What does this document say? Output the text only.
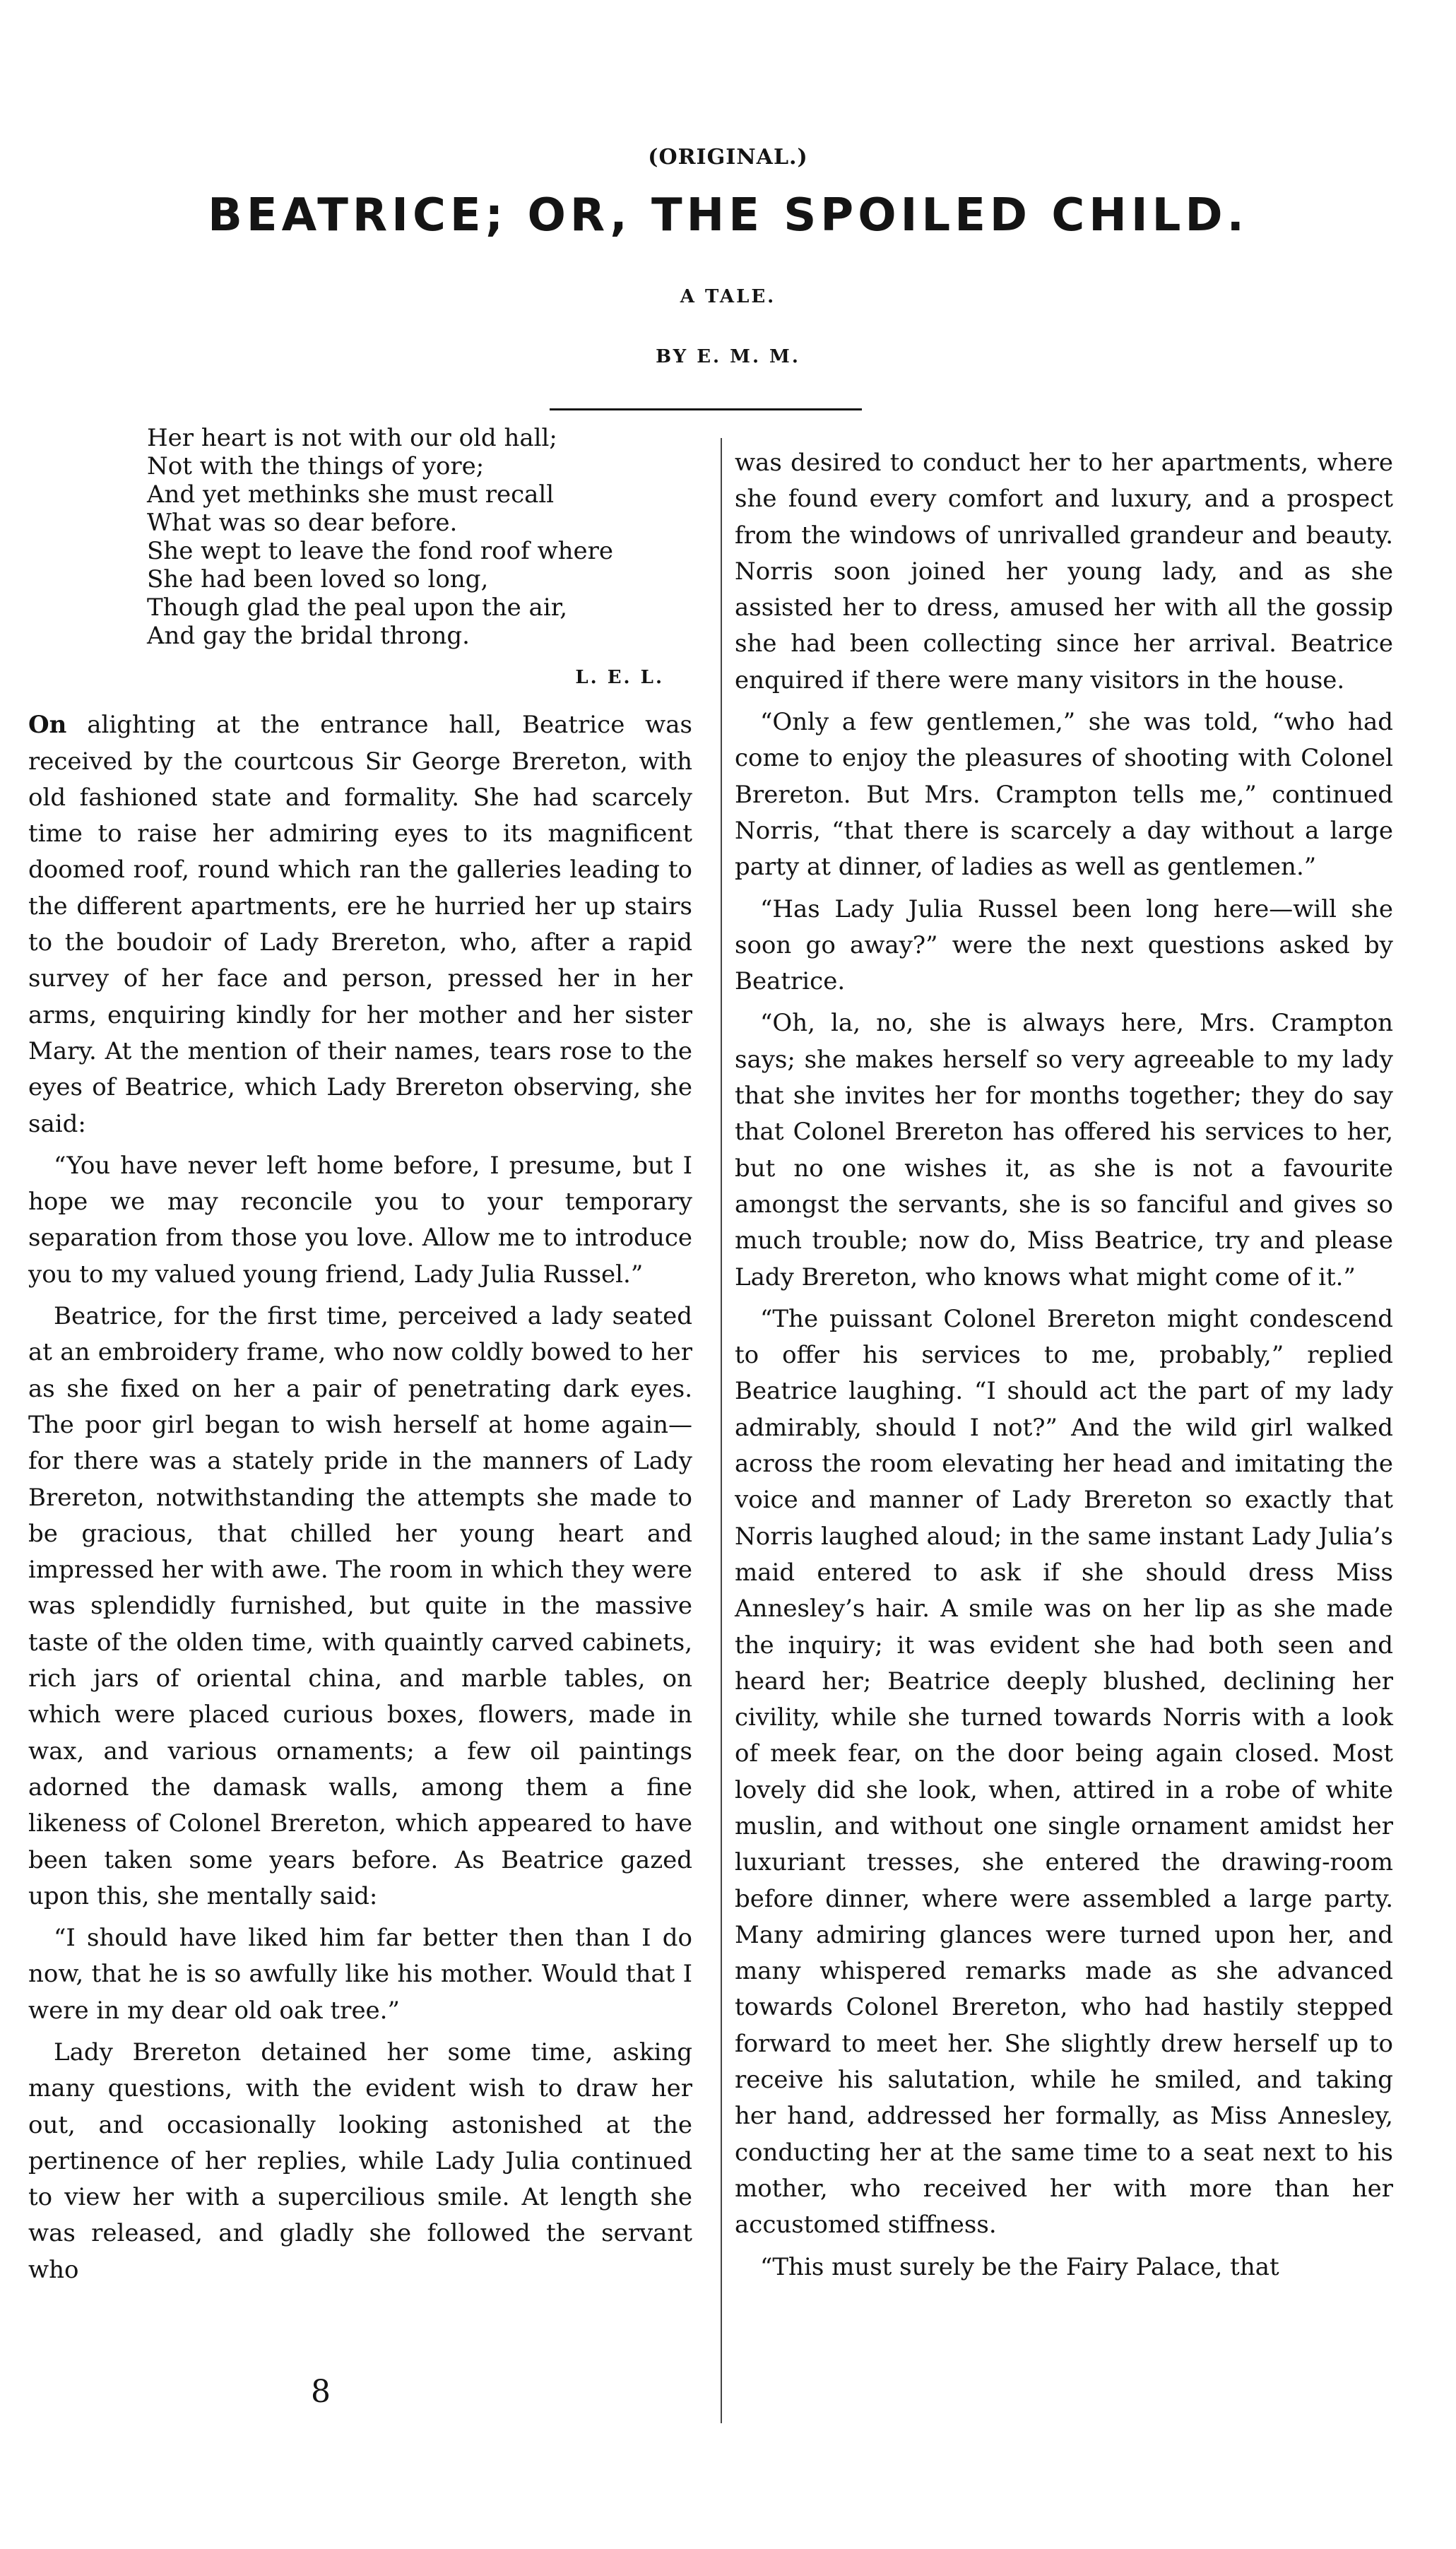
(ORIGINAL.)
BEATRICE; OR, THE SPOILED CHILD.
A TALE.
BY E. M. M.
Her heart is not with our old hall;
Not with the things of yore;
And yet methinks she must recall
What was so dear before.
She wept to leave the fond roof where
She had been loved so long,
Though glad the peal upon the air,
And gay the bridal throng.
L. E. L.

On alighting at the entrance hall, Beatrice was received by the courtcous Sir George Brereton, with old fashioned state and formality. She had scarcely time to raise her admiring eyes to its magnificent doomed roof, round which ran the galleries leading to the different apartments, ere he hurried her up stairs to the boudoir of Lady Brereton, who, after a rapid survey of her face and person, pressed her in her arms, enquiring kindly for her mother and her sister Mary. At the mention of their names, tears rose to the eyes of Beatrice, which Lady Brereton observing, she said:

“You have never left home before, I presume, but I hope we may reconcile you to your temporary separation from those you love. Allow me to introduce you to my valued young friend, Lady Julia Russel.”

Beatrice, for the first time, perceived a lady seated at an embroidery frame, who now coldly bowed to her as she fixed on her a pair of penetrating dark eyes. The poor girl began to wish herself at home again—for there was a stately pride in the manners of Lady Brereton, notwithstanding the attempts she made to be gracious, that chilled her young heart and impressed her with awe. The room in which they were was splendidly furnished, but quite in the massive taste of the olden time, with quaintly carved cabinets, rich jars of oriental china, and marble tables, on which were placed curious boxes, flowers, made in wax, and various ornaments; a few oil paintings adorned the damask walls, among them a fine likeness of Colonel Brereton, which appeared to have been taken some years before. As Beatrice gazed upon this, she mentally said:

“I should have liked him far better then than I do now, that he is so awfully like his mother. Would that I were in my dear old oak tree.”

Lady Brereton detained her some time, asking many questions, with the evident wish to draw her out, and occasionally looking astonished at the pertinence of her replies, while Lady Julia continued to view her with a supercilious smile. At length she was released, and gladly she followed the servant who

was desired to conduct her to her apartments, where she found every comfort and luxury, and a prospect from the windows of unrivalled grandeur and beauty. Norris soon joined her young lady, and as she assisted her to dress, amused her with all the gossip she had been collecting since her arrival. Beatrice enquired if there were many visitors in the house.

“Only a few gentlemen,” she was told, “who had come to enjoy the pleasures of shooting with Colonel Brereton. But Mrs. Crampton tells me,” continued Norris, “that there is scarcely a day without a large party at dinner, of ladies as well as gentlemen.”

“Has Lady Julia Russel been long here—will she soon go away?” were the next questions asked by Beatrice.

“Oh, la, no, she is always here, Mrs. Crampton says; she makes herself so very agreeable to my lady that she invites her for months together; they do say that Colonel Brereton has offered his services to her, but no one wishes it, as she is not a favourite amongst the servants, she is so fanciful and gives so much trouble; now do, Miss Beatrice, try and please Lady Brereton, who knows what might come of it.”

“The puissant Colonel Brereton might condescend to offer his services to me, probably,” replied Beatrice laughing. “I should act the part of my lady admirably, should I not?” And the wild girl walked across the room elevating her head and imitating the voice and manner of Lady Brereton so exactly that Norris laughed aloud; in the same instant Lady Julia’s maid entered to ask if she should dress Miss Annesley’s hair. A smile was on her lip as she made the inquiry; it was evident she had both seen and heard her; Beatrice deeply blushed, declining her civility, while she turned towards Norris with a look of meek fear, on the door being again closed. Most lovely did she look, when, attired in a robe of white muslin, and without one single ornament amidst her luxuriant tresses, she entered the drawing-room before dinner, where were assembled a large party. Many admiring glances were turned upon her, and many whispered remarks made as she advanced towards Colonel Brereton, who had hastily stepped forward to meet her. She slightly drew herself up to receive his salutation, while he smiled, and taking her hand, addressed her formally, as Miss Annesley, conducting her at the same time to a seat next to his mother, who received her with more than her accustomed stiffness.

“This must surely be the Fairy Palace, that

8
